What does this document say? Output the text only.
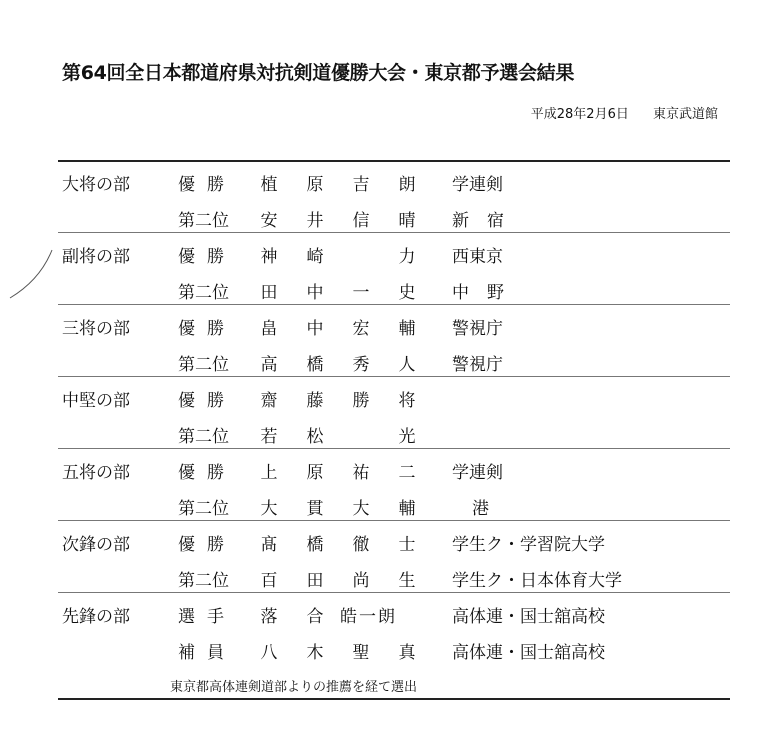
第64回全日本都道府県対抗剣道優勝大会・東京都予選会結果
平成28年2月6日 東京武道館
大将の部	優勝	植	原	吉	朗	学連剣
第二位	安	井	信	晴	新宿
副将の部	優勝	神	崎	力	西東京
第二位	田	中	一	史	中野
三将の部	優勝	畠	中	宏	輔	警視庁
第二位	高	橋	秀	人	警視庁
中堅の部	優勝	齋	藤	勝	将
第二位	若	松	光
五将の部	優勝	上	原	祐	二	学連剣
第二位	大	貫	大	輔	港
次鋒の部	優勝	髙	橋	徹	士	学生ク・学習院大学
第二位	百	田	尚	生	学生ク・日本体育大学
先鋒の部	選手	落	合 皓一朗	高体連・国士舘高校
補員	八	木	聖	真	高体連・国士舘高校
東京都高体連剣道部よりの推薦を経て選出
